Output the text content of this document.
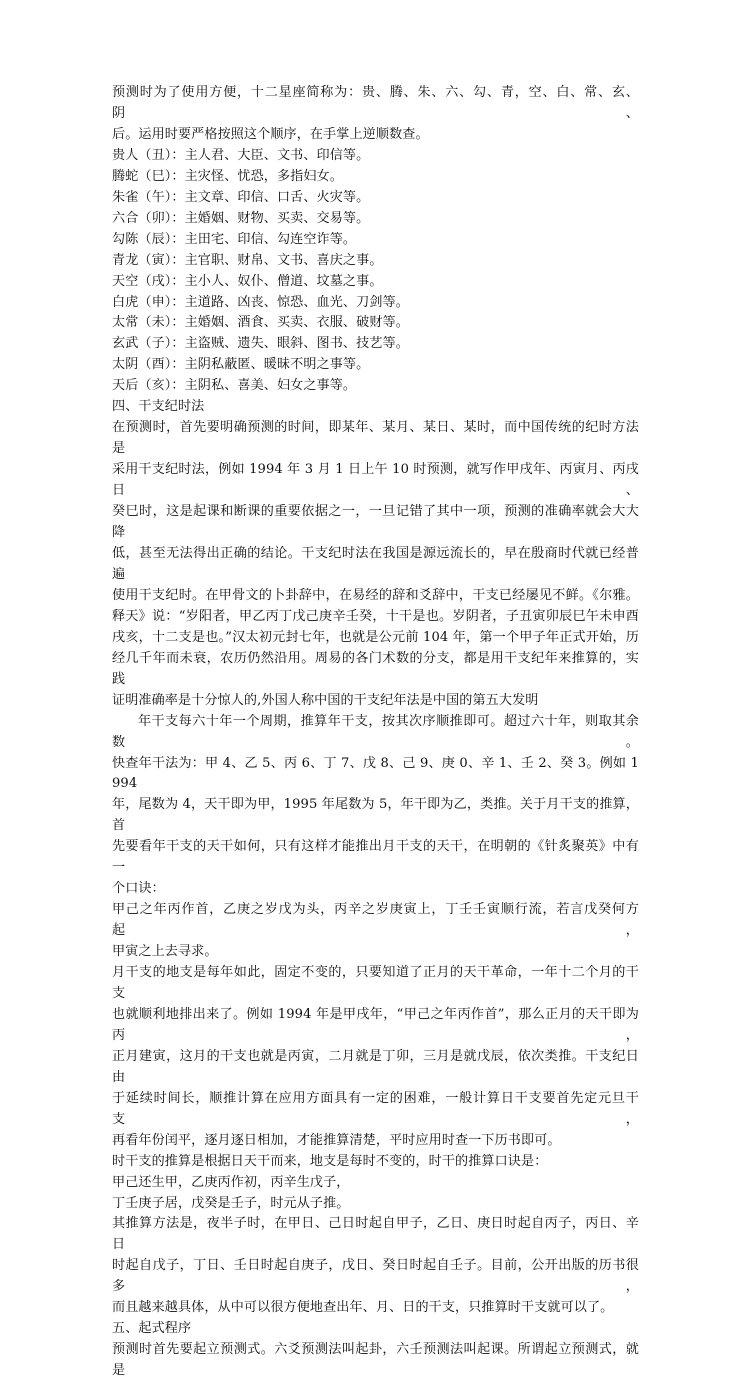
预测时为了使用方便，十二星座简称为：贵、腾、朱、六、勾、青，空、白、常、玄、阴、
后。运用时要严格按照这个顺序，在手掌上逆顺数查。
贵人（丑）：主人君、大臣、文书、印信等。
腾蛇（巳）：主灾怪、忧恐，多指妇女。
朱雀（午）：主文章、印信、口舌、火灾等。
六合（卯）：主婚姻、财物、买卖、交易等。
勾陈（辰）：主田宅、印信、勾连空诈等。
青龙（寅）：主官职、财帛、文书、喜庆之事。
天空（戌）：主小人、奴仆、僧道、坟墓之事。
白虎（申）：主道路、凶丧、惊恐、血光、刀剑等。
太常（未）：主婚姻、酒食、买卖、衣服、破财等。
玄武（子）：主盗贼、遗失、眼斜、图书、技艺等。
太阴（酉）：主阴私蔽匿、暖昧不明之事等。
天后（亥）：主阴私、喜美、妇女之事等。
四、干支纪时法
在预测时，首先要明确预测的时间，即某年、某月、某日、某时，而中国传统的纪时方法是
采用干支纪时法，例如 1994 年 3 月 1 日上午 10 时预测，就写作甲戌年、丙寅月、丙戌日、
癸巳时，这是起课和断课的重要依据之一，一旦记错了其中一项，预测的准确率就会大大降
低，甚至无法得出正确的结论。干支纪时法在我国是源远流长的，早在殷商时代就已经普遍
使用干支纪时。在甲骨文的卜卦辞中，在易经的辞和爻辞中，干支已经屡见不鲜。《尔雅。
释天》说：“岁阳者，甲乙丙丁戊己庚辛壬癸，十干是也。岁阴者，子丑寅卯辰巳午未申酉
戌亥，十二支是也。”汉太初元封七年，也就是公元前 104 年，第一个甲子年正式开始，历
经几千年而未衰，农历仍然沿用。周易的各门术数的分支，都是用干支纪年来推算的，实践
证明准确率是十分惊人的,外国人称中国的干支纪年法是中国的第五大发明
年干支每六十年一个周期，推算年干支，按其次序顺推即可。超过六十年，则取其余数。
快查年干法为：甲 4、乙 5、丙 6、丁 7、戊 8、己 9、庚 0、辛 1、壬 2、癸 3。例如 1994
年，尾数为 4，天干即为甲，1995 年尾数为 5，年干即为乙，类推。关于月干支的推算，首
先要看年干支的天干如何，只有这样才能推出月干支的天干，在明朝的《针炙聚英》中有一
个口诀：
甲己之年丙作首，乙庚之岁戊为头，丙辛之岁庚寅上，丁壬壬寅顺行流，若言戊癸何方起，
甲寅之上去寻求。
月干支的地支是每年如此，固定不变的，只要知道了正月的天干革命，一年十二个月的干支
也就顺利地排出来了。例如 1994 年是甲戌年，“甲己之年丙作首”，那么正月的天干即为丙，
正月建寅，这月的干支也就是丙寅，二月就是丁卯，三月是就戊辰，依次类推。干支纪日由
于延续时间长，顺推计算在应用方面具有一定的困难，一般计算日干支要首先定元旦干支，
再看年份闰平，逐月逐日相加，才能推算清楚，平时应用时查一下历书即可。
时干支的推算是根据日天干而来，地支是每时不变的，时干的推算口诀是：
甲己还生甲，乙庚丙作初，丙辛生戊子，
丁壬庚子居，戊癸是壬子，时元从子推。
其推算方法是，夜半子时，在甲日、己日时起自甲子，乙日、庚日时起自丙子，丙日、辛日
时起自戊子，丁日、壬日时起自庚子，戊日、癸日时起自壬子。目前，公开出版的历书很多，
而且越来越具体，从中可以很方便地查出年、月、日的干支，只推算时干支就可以了。
五、起式程序
预测时首先要起立预测式。六爻预测法叫起卦，六壬预测法叫起课。所谓起立预测式，就是
